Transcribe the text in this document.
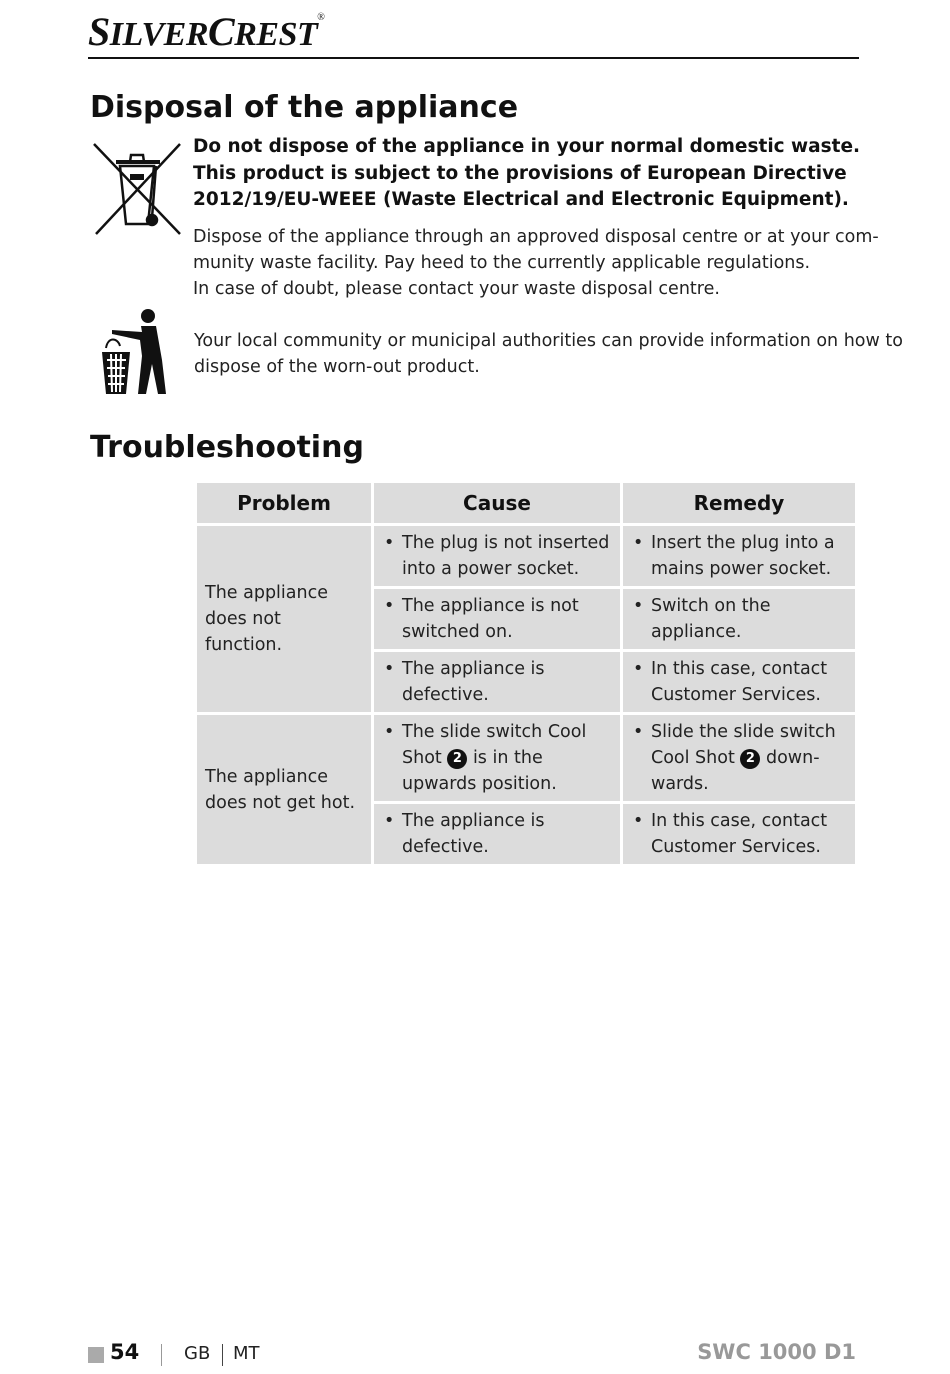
SILVERCREST®
Disposal of the appliance
Do not dispose of the appliance in your normal domestic waste.
This product is subject to the provisions of European Directive
2012/19/EU-WEEE (Waste Electrical and Electronic Equipment).
Dispose of the appliance through an approved disposal centre or at your com-
munity waste facility. Pay heed to the currently applicable regulations.
In case of doubt, please contact your waste disposal centre.
Your local community or municipal authorities can provide information on how to
dispose of the worn-out product.
Troubleshooting
Problem	Cause	Remedy
The appliance does not function.	• The plug is not inserted into a power socket.	• Insert the plug into a mains power socket.

	• The appliance is not switched on.	• Switch on the appliance.

	• The appliance is defective.	• In this case, contact Customer Services.

The appliance does not get hot.	• The slide switch Cool Shot 2 is in the upwards position.	• Slide the slide switch Cool Shot 2 down- wards.

	• The appliance is defective.	• In this case, contact Customer Services.
54 GB MT	SWC 1000 D1
